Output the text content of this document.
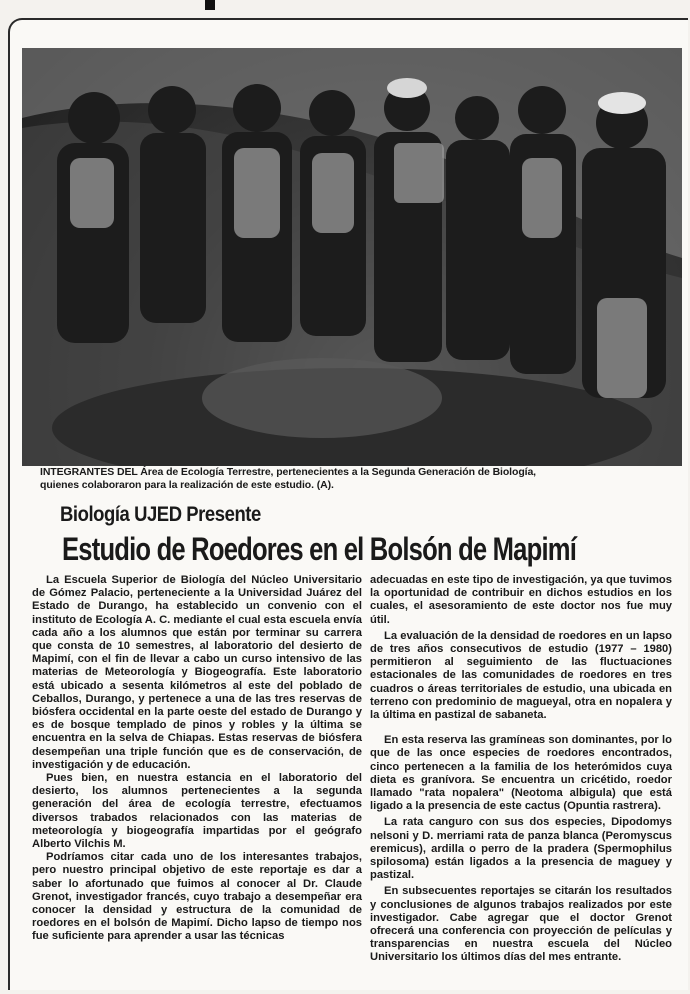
INTEGRANTES DEL Área de Ecología Terrestre, pertenecientes a la Segunda Generación de Biología,
quienes colaboraron para la realización de este estudio. (A).
Biología UJED Presente
Estudio de Roedores en el Bolsón de Mapimí

La Escuela Superior de Biología del Núcleo Universitario de Gómez Palacio, perteneciente a la Universidad Juárez del Estado de Durango, ha establecido un convenio con el instituto de Ecología A. C. mediante el cual esta escuela envía cada año a los alumnos que están por terminar su carrera que consta de 10 semestres, al laboratorio del desierto de Mapimí, con el fin de llevar a cabo un curso intensivo de las materias de Meteorología y Biogeografía. Este laboratorio está ubicado a sesenta kilómetros al este del poblado de Ceballos, Durango, y pertenece a una de las tres reservas de biósfera occidental en la parte oeste del estado de Durango y es de bosque templado de pinos y robles y la última se encuentra en la selva de Chiapas. Estas reservas de biósfera desempeñan una triple función que es de conservación, de investigación y de educación.

Pues bien, en nuestra estancia en el laboratorio del desierto, los alumnos pertenecientes a la segunda generación del área de ecología terrestre, efectuamos diversos trabados relacionados con las materias de meteorología y biogeografía impartidas por el geógrafo Alberto Vilchis M.

Podríamos citar cada uno de los interesantes trabajos, pero nuestro principal objetivo de este reportaje es dar a saber lo afortunado que fuimos al conocer al Dr. Claude Grenot, investigador francés, cuyo trabajo a desempeñar era conocer la densidad y estructura de la comunidad de roedores en el bolsón de Mapimí. Dicho lapso de tiempo nos fue suficiente para aprender a usar las técnicas

adecuadas en este tipo de investigación, ya que tuvimos la oportunidad de contribuir en dichos estudios en los cuales, el asesoramiento de este doctor nos fue muy útil.

La evaluación de la densidad de roedores en un lapso de tres años consecutivos de estudio (1977 – 1980) permitieron al seguimiento de las fluctuaciones estacionales de las comunidades de roedores en tres cuadros o áreas territoriales de estudio, una ubicada en terreno con predominio de magueyal, otra en nopalera y la última en pastizal de sabaneta.

En esta reserva las gramíneas son dominantes, por lo que de las once especies de roedores encontrados, cinco pertenecen a la familia de los heterómidos cuya dieta es granívora. Se encuentra un cricétido, roedor llamado "rata nopalera" (Neotoma albigula) que está ligado a la presencia de este cactus (Opuntia rastrera).

La rata canguro con sus dos especies, Dipodomys nelsoni y D. merriami rata de panza blanca (Peromyscus eremicus), ardilla o perro de la pradera (Spermophilus spilosoma) están ligados a la presencia de maguey y pastizal.

En subsecuentes reportajes se citarán los resultados y conclusiones de algunos trabajos realizados por este investigador. Cabe agregar que el doctor Grenot ofrecerá una conferencia con proyección de películas y transparencias en nuestra escuela del Núcleo Universitario los últimos días del mes entrante.
